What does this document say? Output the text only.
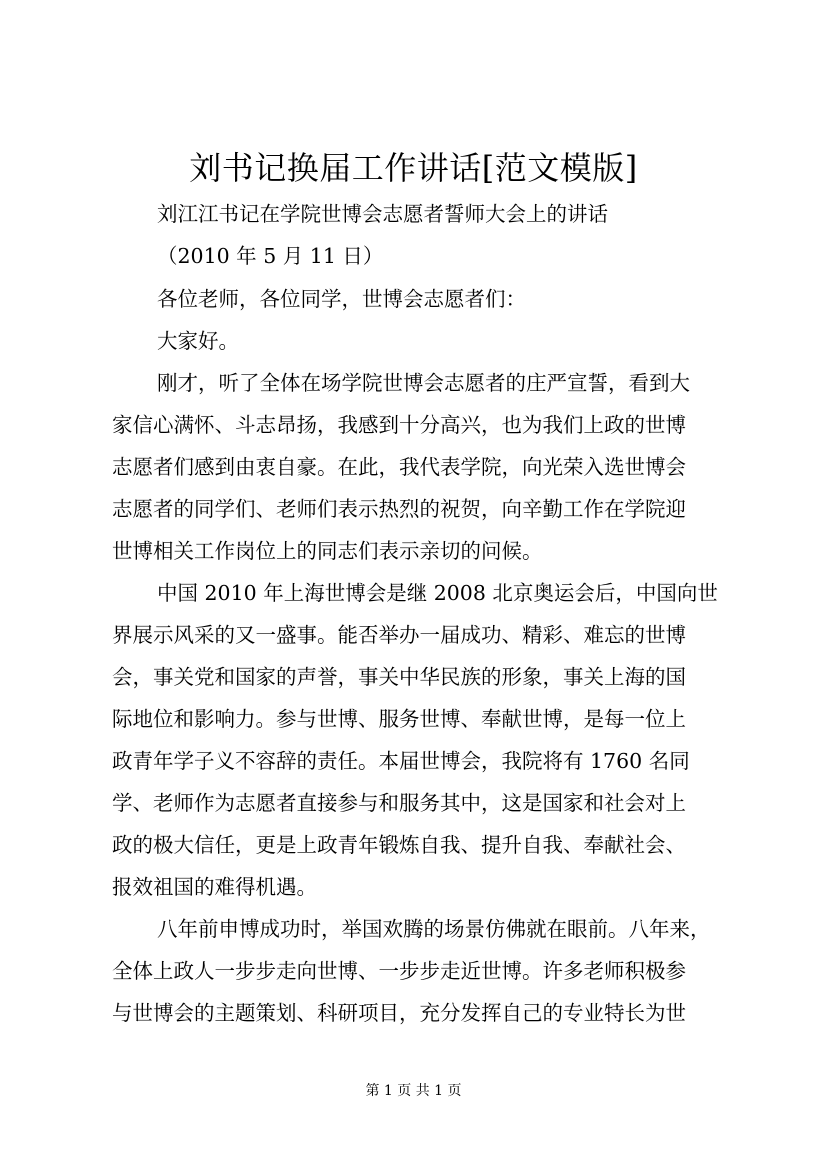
刘书记换届工作讲话[范文模版]
刘江江书记在学院世博会志愿者誓师大会上的讲话
（2010 年 5 月 11 日）
各位老师，各位同学，世博会志愿者们：
大家好。
刚才，听了全体在场学院世博会志愿者的庄严宣誓，看到大
家信心满怀、斗志昂扬，我感到十分高兴，也为我们上政的世博
志愿者们感到由衷自豪。在此，我代表学院，向光荣入选世博会
志愿者的同学们、老师们表示热烈的祝贺，向辛勤工作在学院迎
世博相关工作岗位上的同志们表示亲切的问候。
中国 2010 年上海世博会是继 2008 北京奥运会后，中国向世
界展示风采的又一盛事。能否举办一届成功、精彩、难忘的世博
会，事关党和国家的声誉，事关中华民族的形象，事关上海的国
际地位和影响力。参与世博、服务世博、奉献世博，是每一位上
政青年学子义不容辞的责任。本届世博会，我院将有 1760 名同
学、老师作为志愿者直接参与和服务其中，这是国家和社会对上
政的极大信任，更是上政青年锻炼自我、提升自我、奉献社会、
报效祖国的难得机遇。
八年前申博成功时，举国欢腾的场景仿佛就在眼前。八年来，
全体上政人一步步走向世博、一步步走近世博。许多老师积极参
与世博会的主题策划、科研项目，充分发挥自己的专业特长为世
第 1 页 共 1 页
